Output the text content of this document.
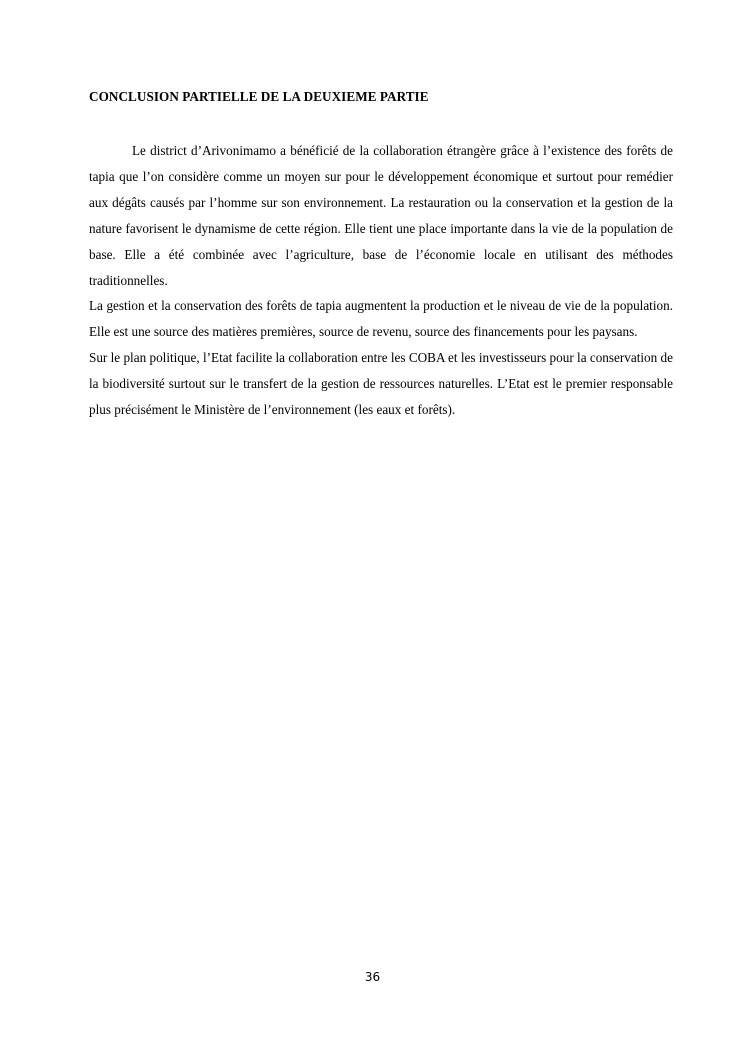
CONCLUSION PARTIELLE DE LA DEUXIEME PARTIE

Le district d’Arivonimamo a bénéficié de la collaboration étrangère grâce à l’existence des forêts de tapia que l’on considère comme un moyen sur pour le développement économique et surtout pour remédier aux dégâts causés par l’homme sur son environnement. La restauration ou la conservation et la gestion de la nature favorisent le dynamisme de cette région. Elle tient une place importante dans la vie de la population de base. Elle a été combinée avec l’agriculture, base de l’économie locale en utilisant des méthodes traditionnelles.

La gestion et la conservation des forêts de tapia augmentent la production et le niveau de vie de la population. Elle est une source des matières premières, source de revenu, source des financements pour les paysans.

Sur le plan politique, l’Etat facilite la collaboration entre les COBA et les investisseurs pour la conservation de la biodiversité surtout sur le transfert de la gestion de ressources naturelles. L’Etat est le premier responsable plus précisément le Ministère de l’environnement (les eaux et forêts).

36
